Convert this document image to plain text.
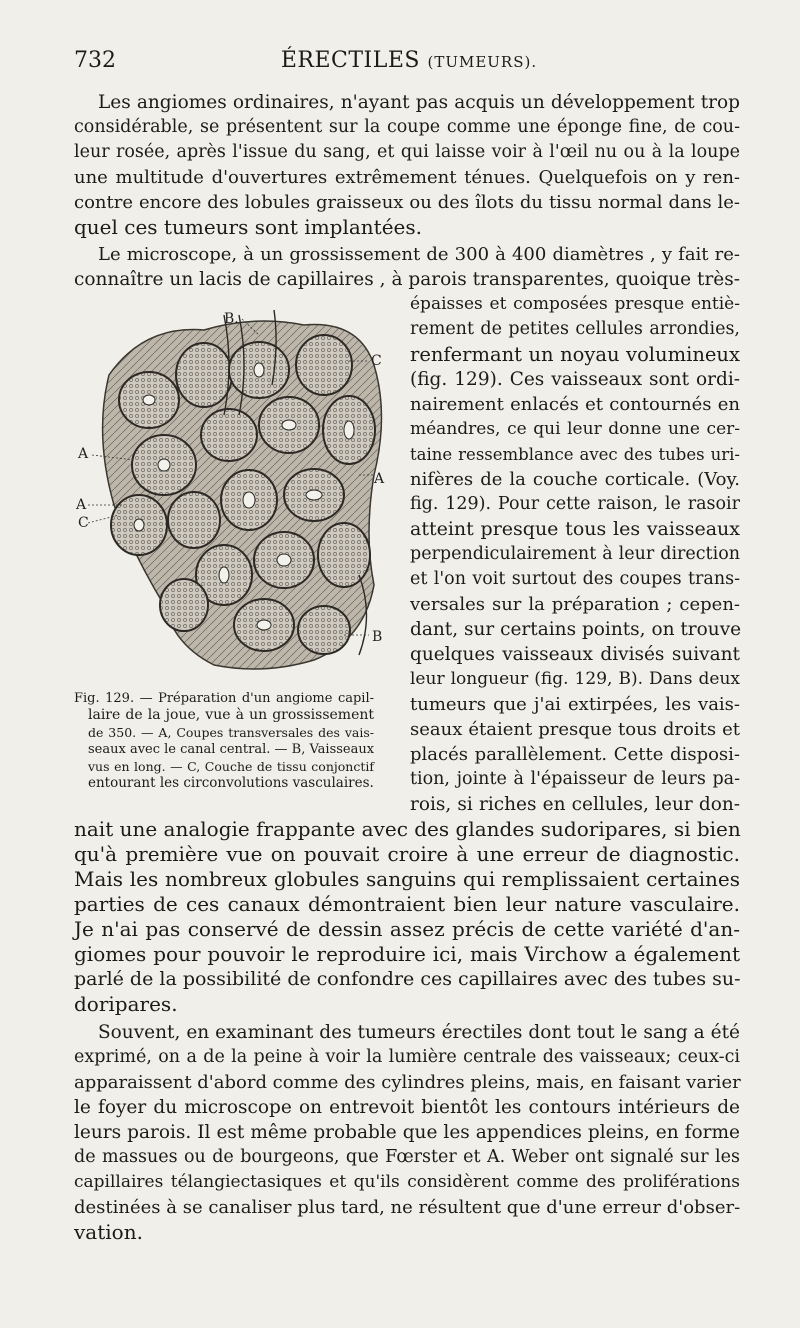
732	ÉRECTILES (TUMEURS).
Les angiomes ordinaires, n'ayant pas acquis un développement trop
considérable, se présentent sur la coupe comme une éponge fine, de cou-
leur rosée, après l'issue du sang, et qui laisse voir à l'œil nu ou à la loupe
une multitude d'ouvertures extrêmement ténues. Quelquefois on y ren-
contre encore des lobules graisseux ou des îlots du tissu normal dans le-
quel ces tumeurs sont implantées.
Le microscope, à un grossissement de 300 à 400 diamètres , y fait re-
connaître un lacis de capillaires , à parois transparentes, quoique très-
épaisses et composées presque entiè-
rement de petites cellules arrondies,
renfermant un noyau volumineux
(fig. 129). Ces vaisseaux sont ordi-
nairement enlacés et contournés en
méandres, ce qui leur donne une cer-
taine ressemblance avec des tubes uri-
nifères de la couche corticale. (Voy.
fig. 129). Pour cette raison, le rasoir
atteint presque tous les vaisseaux
perpendiculairement à leur direction
et l'on voit surtout des coupes trans-
versales sur la préparation ; cepen-
dant, sur certains points, on trouve
quelques vaisseaux divisés suivant
leur longueur (fig. 129, B). Dans deux
tumeurs que j'ai extirpées, les vais-
seaux étaient presque tous droits et
placés parallèlement. Cette disposi-
tion, jointe à l'épaisseur de leurs pa-
rois, si riches en cellules, leur don-
B.
C
A
A
A
C
B
Fig. 129. — Préparation d'un angiome capil-
laire de la joue, vue à un grossissement
de 350. — A, Coupes transversales des vais-
seaux avec le canal central. — B, Vaisseaux
vus en long. — C, Couche de tissu conjonctif
entourant les circonvolutions vasculaires.
nait une analogie frappante avec des glandes sudoripares, si bien
qu'à première vue on pouvait croire à une erreur de diagnostic.
Mais les nombreux globules sanguins qui remplissaient certaines
parties de ces canaux démontraient bien leur nature vasculaire.
Je n'ai pas conservé de dessin assez précis de cette variété d'an-
giomes pour pouvoir le reproduire ici, mais Virchow a également
parlé de la possibilité de confondre ces capillaires avec des tubes su-
doripares.
Souvent, en examinant des tumeurs érectiles dont tout le sang a été
exprimé, on a de la peine à voir la lumière centrale des vaisseaux; ceux-ci
apparaissent d'abord comme des cylindres pleins, mais, en faisant varier
le foyer du microscope on entrevoit bientôt les contours intérieurs de
leurs parois. Il est même probable que les appendices pleins, en forme
de massues ou de bourgeons, que Fœrster et A. Weber ont signalé sur les
capillaires télangiectasiques et qu'ils considèrent comme des proliférations
destinées à se canaliser plus tard, ne résultent que d'une erreur d'obser-
vation.
